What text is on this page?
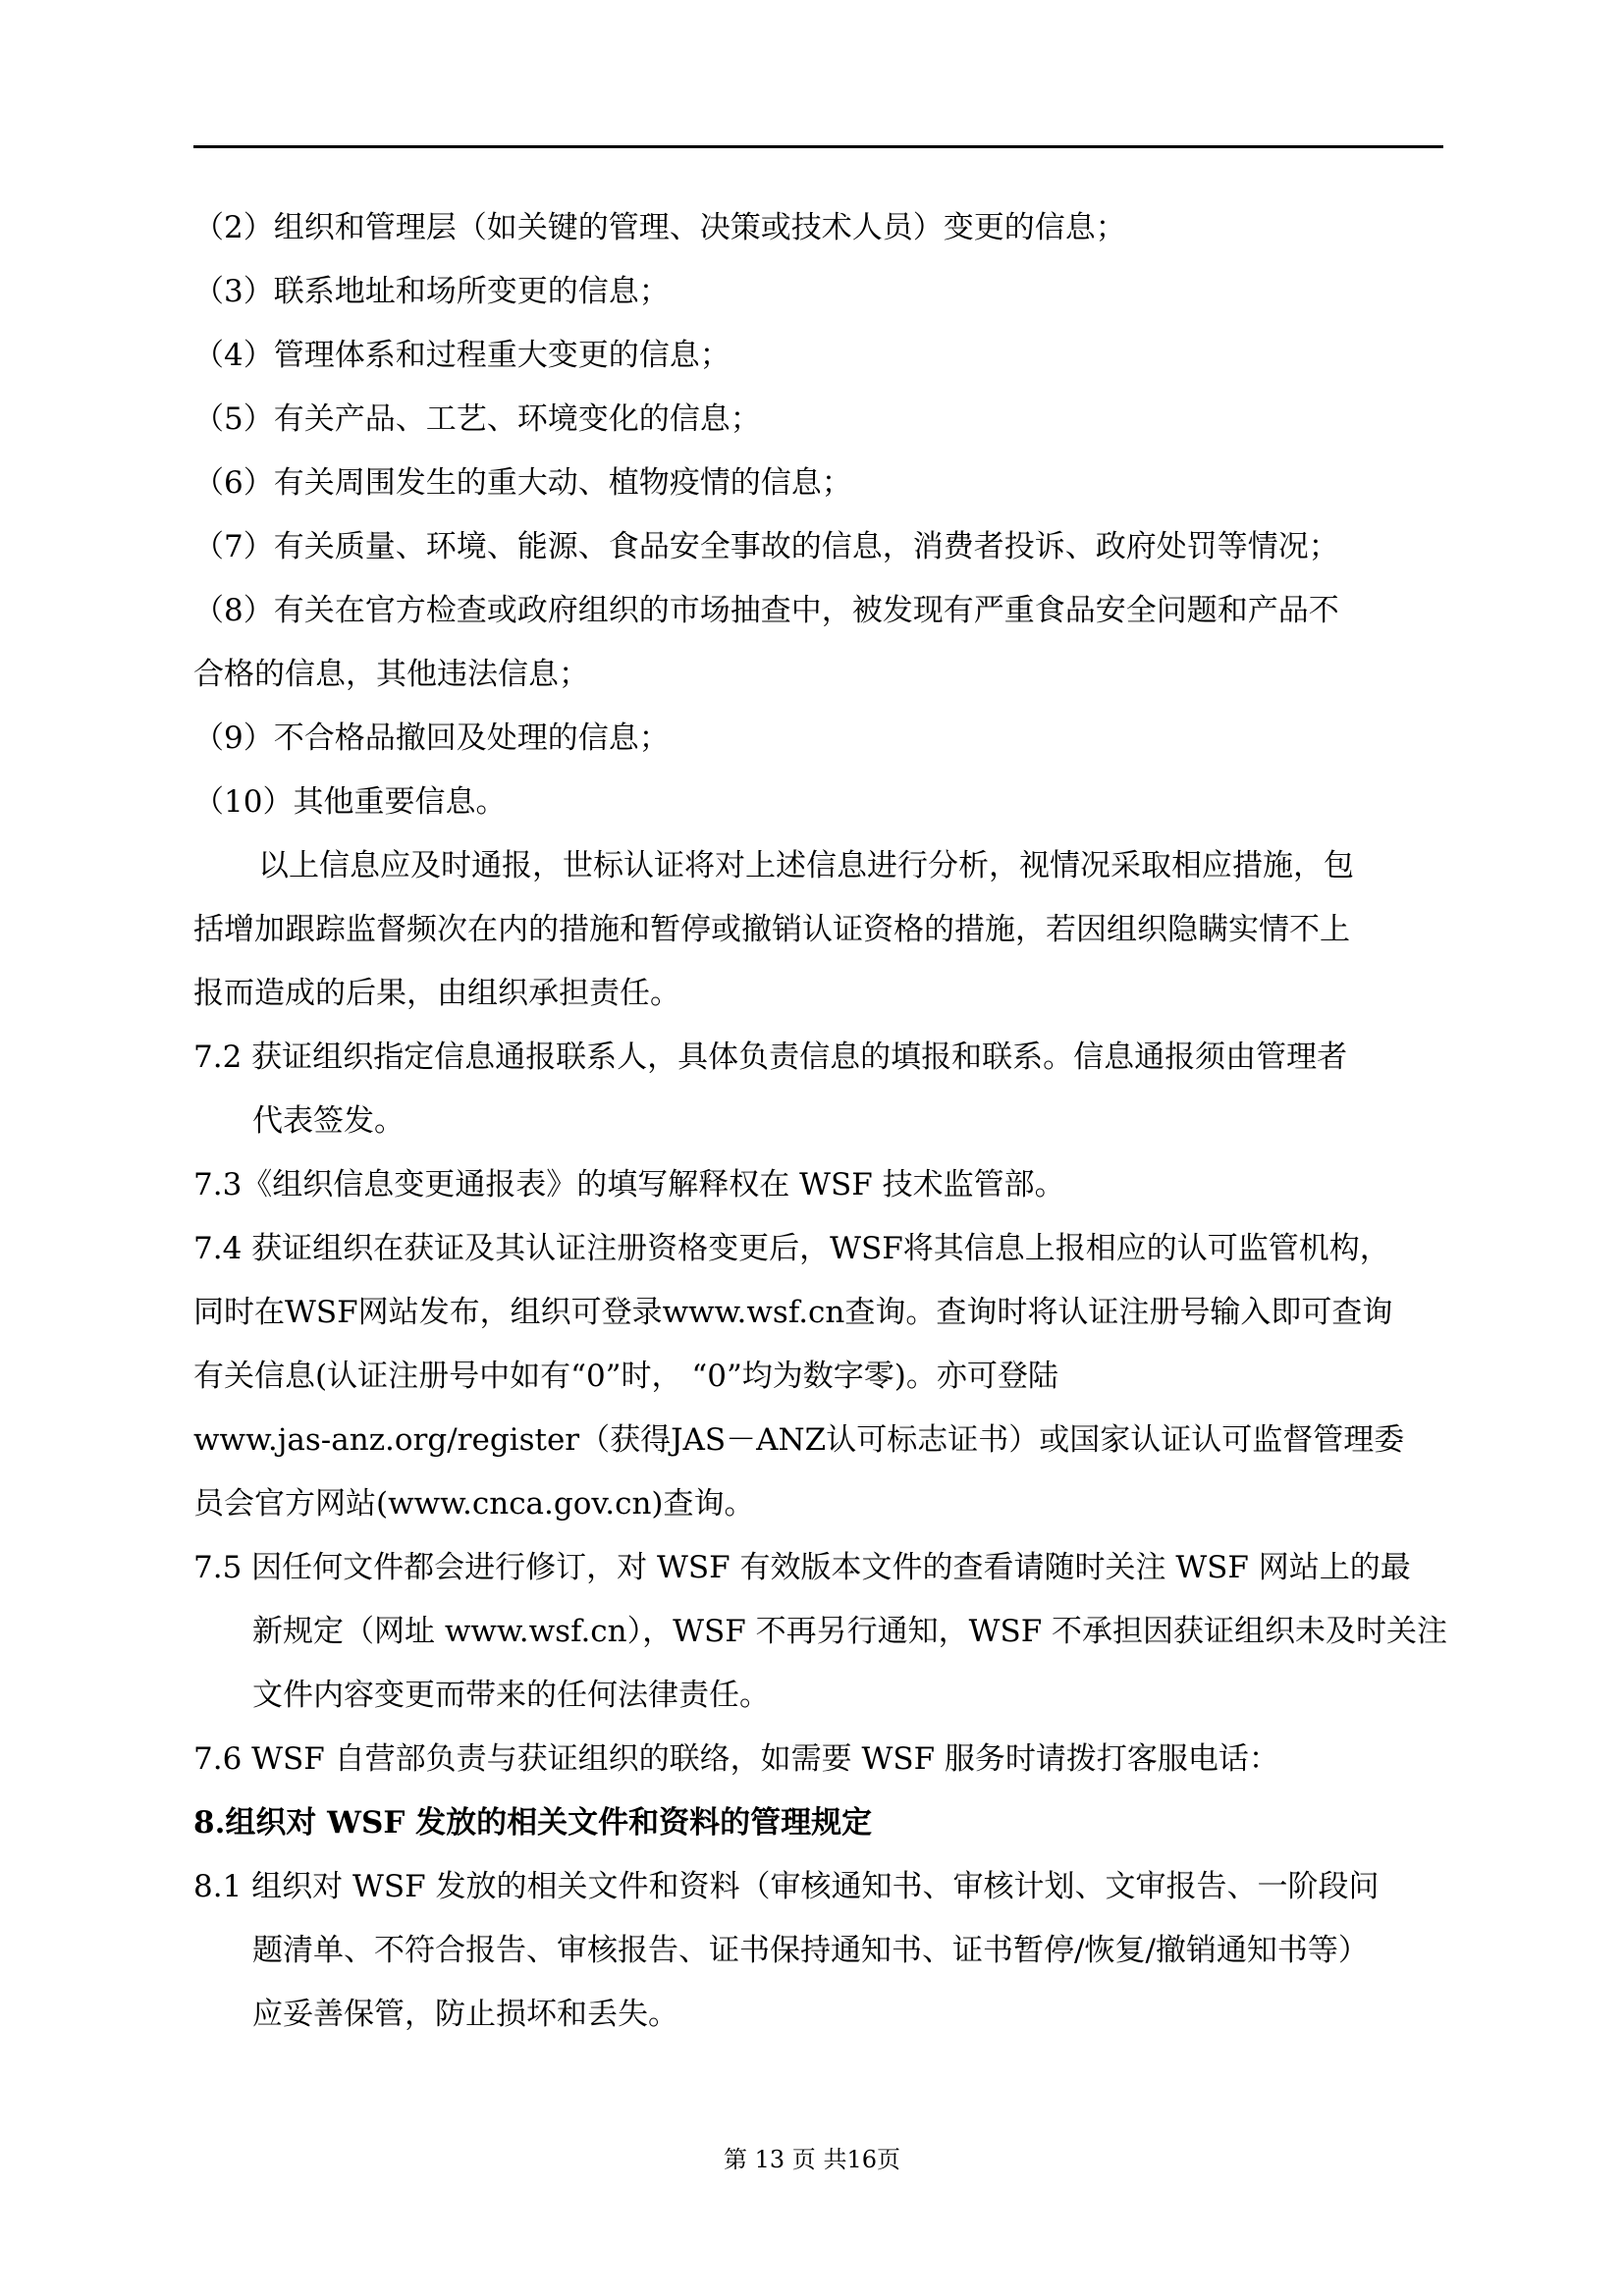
（2）组织和管理层（如关键的管理、决策或技术人员）变更的信息；
（3）联系地址和场所变更的信息；
（4）管理体系和过程重大变更的信息；
（5）有关产品、工艺、环境变化的信息；
（6）有关周围发生的重大动、植物疫情的信息；
（7）有关质量、环境、能源、食品安全事故的信息，消费者投诉、政府处罚等情况；
（8）有关在官方检查或政府组织的市场抽查中，被发现有严重食品安全问题和产品不
合格的信息，其他违法信息；
（9）不合格品撤回及处理的信息；
（10）其他重要信息。
以上信息应及时通报，世标认证将对上述信息进行分析，视情况采取相应措施，包
括增加跟踪监督频次在内的措施和暂停或撤销认证资格的措施，若因组织隐瞒实情不上
报而造成的后果，由组织承担责任。
7.2 获证组织指定信息通报联系人，具体负责信息的填报和联系。信息通报须由管理者
代表签发。
7.3《组织信息变更通报表》的填写解释权在 WSF 技术监管部。
7.4 获证组织在获证及其认证注册资格变更后，WSF将其信息上报相应的认可监管机构，
同时在WSF网站发布，组织可登录www.wsf.cn查询。查询时将认证注册号输入即可查询
有关信息(认证注册号中如有“0”时， “0”均为数字零)。亦可登陆
www.jas-anz.org/register（获得JAS－ANZ认可标志证书）或国家认证认可监督管理委
员会官方网站(www.cnca.gov.cn)查询。
7.5 因任何文件都会进行修订，对 WSF 有效版本文件的查看请随时关注 WSF 网站上的最
新规定（网址 www.wsf.cn），WSF 不再另行通知，WSF 不承担因获证组织未及时关注
文件内容变更而带来的任何法律责任。
7.6 WSF 自营部负责与获证组织的联络，如需要 WSF 服务时请拨打客服电话：
8.组织对 WSF 发放的相关文件和资料的管理规定
8.1 组织对 WSF 发放的相关文件和资料（审核通知书、审核计划、文审报告、一阶段问
题清单、不符合报告、审核报告、证书保持通知书、证书暂停/恢复/撤销通知书等）
应妥善保管，防止损坏和丢失。
第 13 页 共16页
